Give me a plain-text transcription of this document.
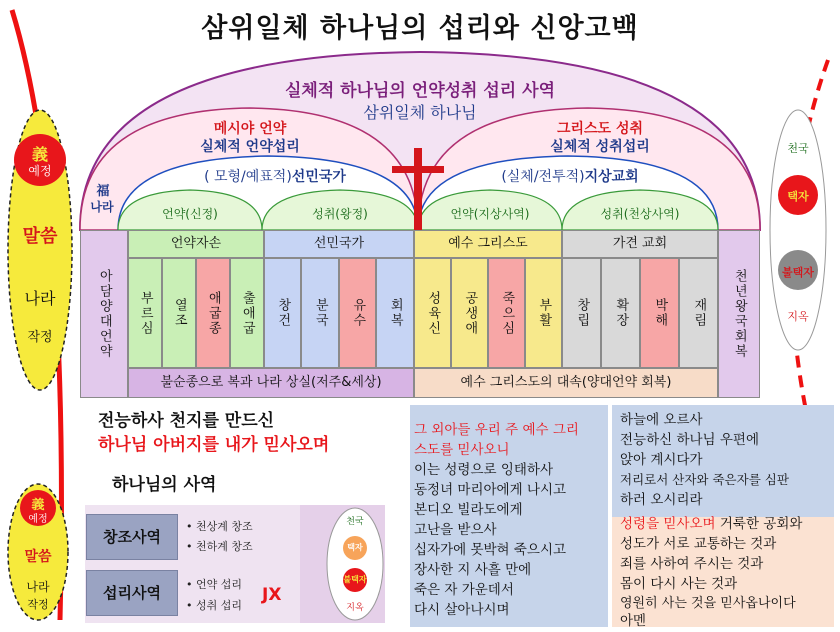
삼위일체 하나님의 섭리와 신앙고백
실체적 하나님의 언약성취 섭리 사역
삼위일체 하나님
메시야 언약
실체적 언약섭리
그리스도 성취
실체적 성취섭리
( 모형/예표적)선민국가	(실체/전투적)지상교회
언약(신정)	성취(왕정)	언약(지상사역)	성취(천상사역)
福
나라
義
예정
말씀
나라
작정
천국
택자
불택자
지옥
아담양대언약	천년왕국회복
언약자손	선민국가	예수 그리스도	가견 교회
부르심	열조	애굽종	출애굽	창건	분국	유수	회복	성육신	공생애	죽으심	부활	창립	확장	박해	재림
불순종으로 복과 나라 상실(저주&세상)	예수 그리스도의 대속(양대언약 회복)
전능하사 천지를 만드신
하나님 아버지를 내가 믿사오며
하나님의 사역
義
예정
말씀
나라
작정
창조사역
섭리사역
• 천상계 창조
• 천하계 창조
• 언약 섭리
• 성취 섭리
JX
천국
택자
불택자
지옥
그 외아들 우리 주 예수 그리
스도를 믿사오니
이는 성령으로 잉태하사
동정녀 마리아에게 나시고
본디오 빌라도에게
고난을 받으사
십자가에 못박혀 죽으시고
장사한 지 사흘 만에
죽은 자 가운데서
다시 살아나시며
하늘에 오르사
전능하신 하나님 우편에
앉아 계시다가
저리로서 산자와 죽은자를 심판
하러 오시리라
성령을 믿사오며 거룩한 공회와
성도가 서로 교통하는 것과
죄를 사하여 주시는 것과
몸이 다시 사는 것과
영원히 사는 것을 믿사옵나이다
아멘
